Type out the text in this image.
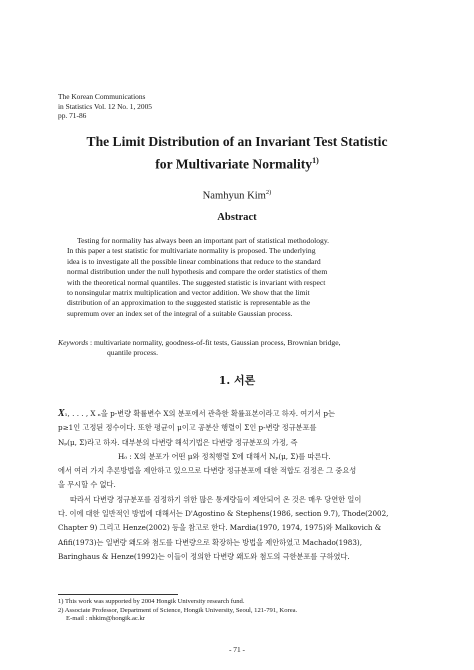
The Korean Communications
in Statistics Vol. 12 No. 1, 2005
pp. 71-86
The Limit Distribution of an Invariant Test Statistic
for Multivariate Normality$^{1)}$
Namhyun Kim$^{2)}$
Abstract
Testing for normality has always been an important part of statistical methodology.
In this paper a test statistic for multivariate normality is proposed. The underlying
idea is to investigate all the possible linear combinations that reduce to the standard
normal distribution under the null hypothesis and compare the order statistics of them
with the theoretical normal quantiles. The suggested statistic is invariant with respect
to nonsingular matrix multiplication and vector addition. We show that the limit
distribution of an approximation to the suggested statistic is representable as the
supremum over an index set of the integral of a suitable Gaussian process.
Keywords : multivariate normality, goodness-of-fit tests, Gaussian process, Brownian bridge,
quantile process.
1. 서론
X₁, . . . , X ₙ을 p-변량 확률변수 X의 분포에서 관측한 확률표본이라고 하자. 여기서 p는
p≥1인 고정된 정수이다. 또한 평균이 μ이고 공분산 행렬이 Σ인 p-변량 정규분포를
Nₚ(μ, Σ)라고 하자. 대부분의 다변량 해석기법은 다변량 정규분포의 가정, 즉
H₀ : X의 분포가 어떤 μ와 정칙행렬 Σ에 대해서 Nₚ(μ, Σ)를 따른다.
에서 여러 가지 추론방법을 제안하고 있으므로 다변량 정규분포에 대한 적합도 검정은 그 중요성
을 무시할 수 없다.
따라서 다변량 정규분포를 검정하기 위한 많은 통계량들이 제안되어 온 것은 매우 당연한 일이
다. 이에 대한 일반적인 방법에 대해서는 D'Agostino & Stephens(1986, section 9.7), Thode(2002,
Chapter 9) 그리고 Henze(2002) 등을 참고로 한다. Mardia(1970, 1974, 1975)와 Malkovich &
Afifi(1973)는 일변량 왜도와 첨도를 다변량으로 확장하는 방법을 제안하였고 Machado(1983),
Baringhaus & Henze(1992)는 이들이 정의한 다변량 왜도와 첨도의 극한분포를 구하였다.
1) This work was supported by 2004 Hongik University research fund.
2) Associate Professor, Department of Science, Hongik University, Seoul, 121-791, Korea.
E-mail : nhkim@hongik.ac.kr
- 71 -
